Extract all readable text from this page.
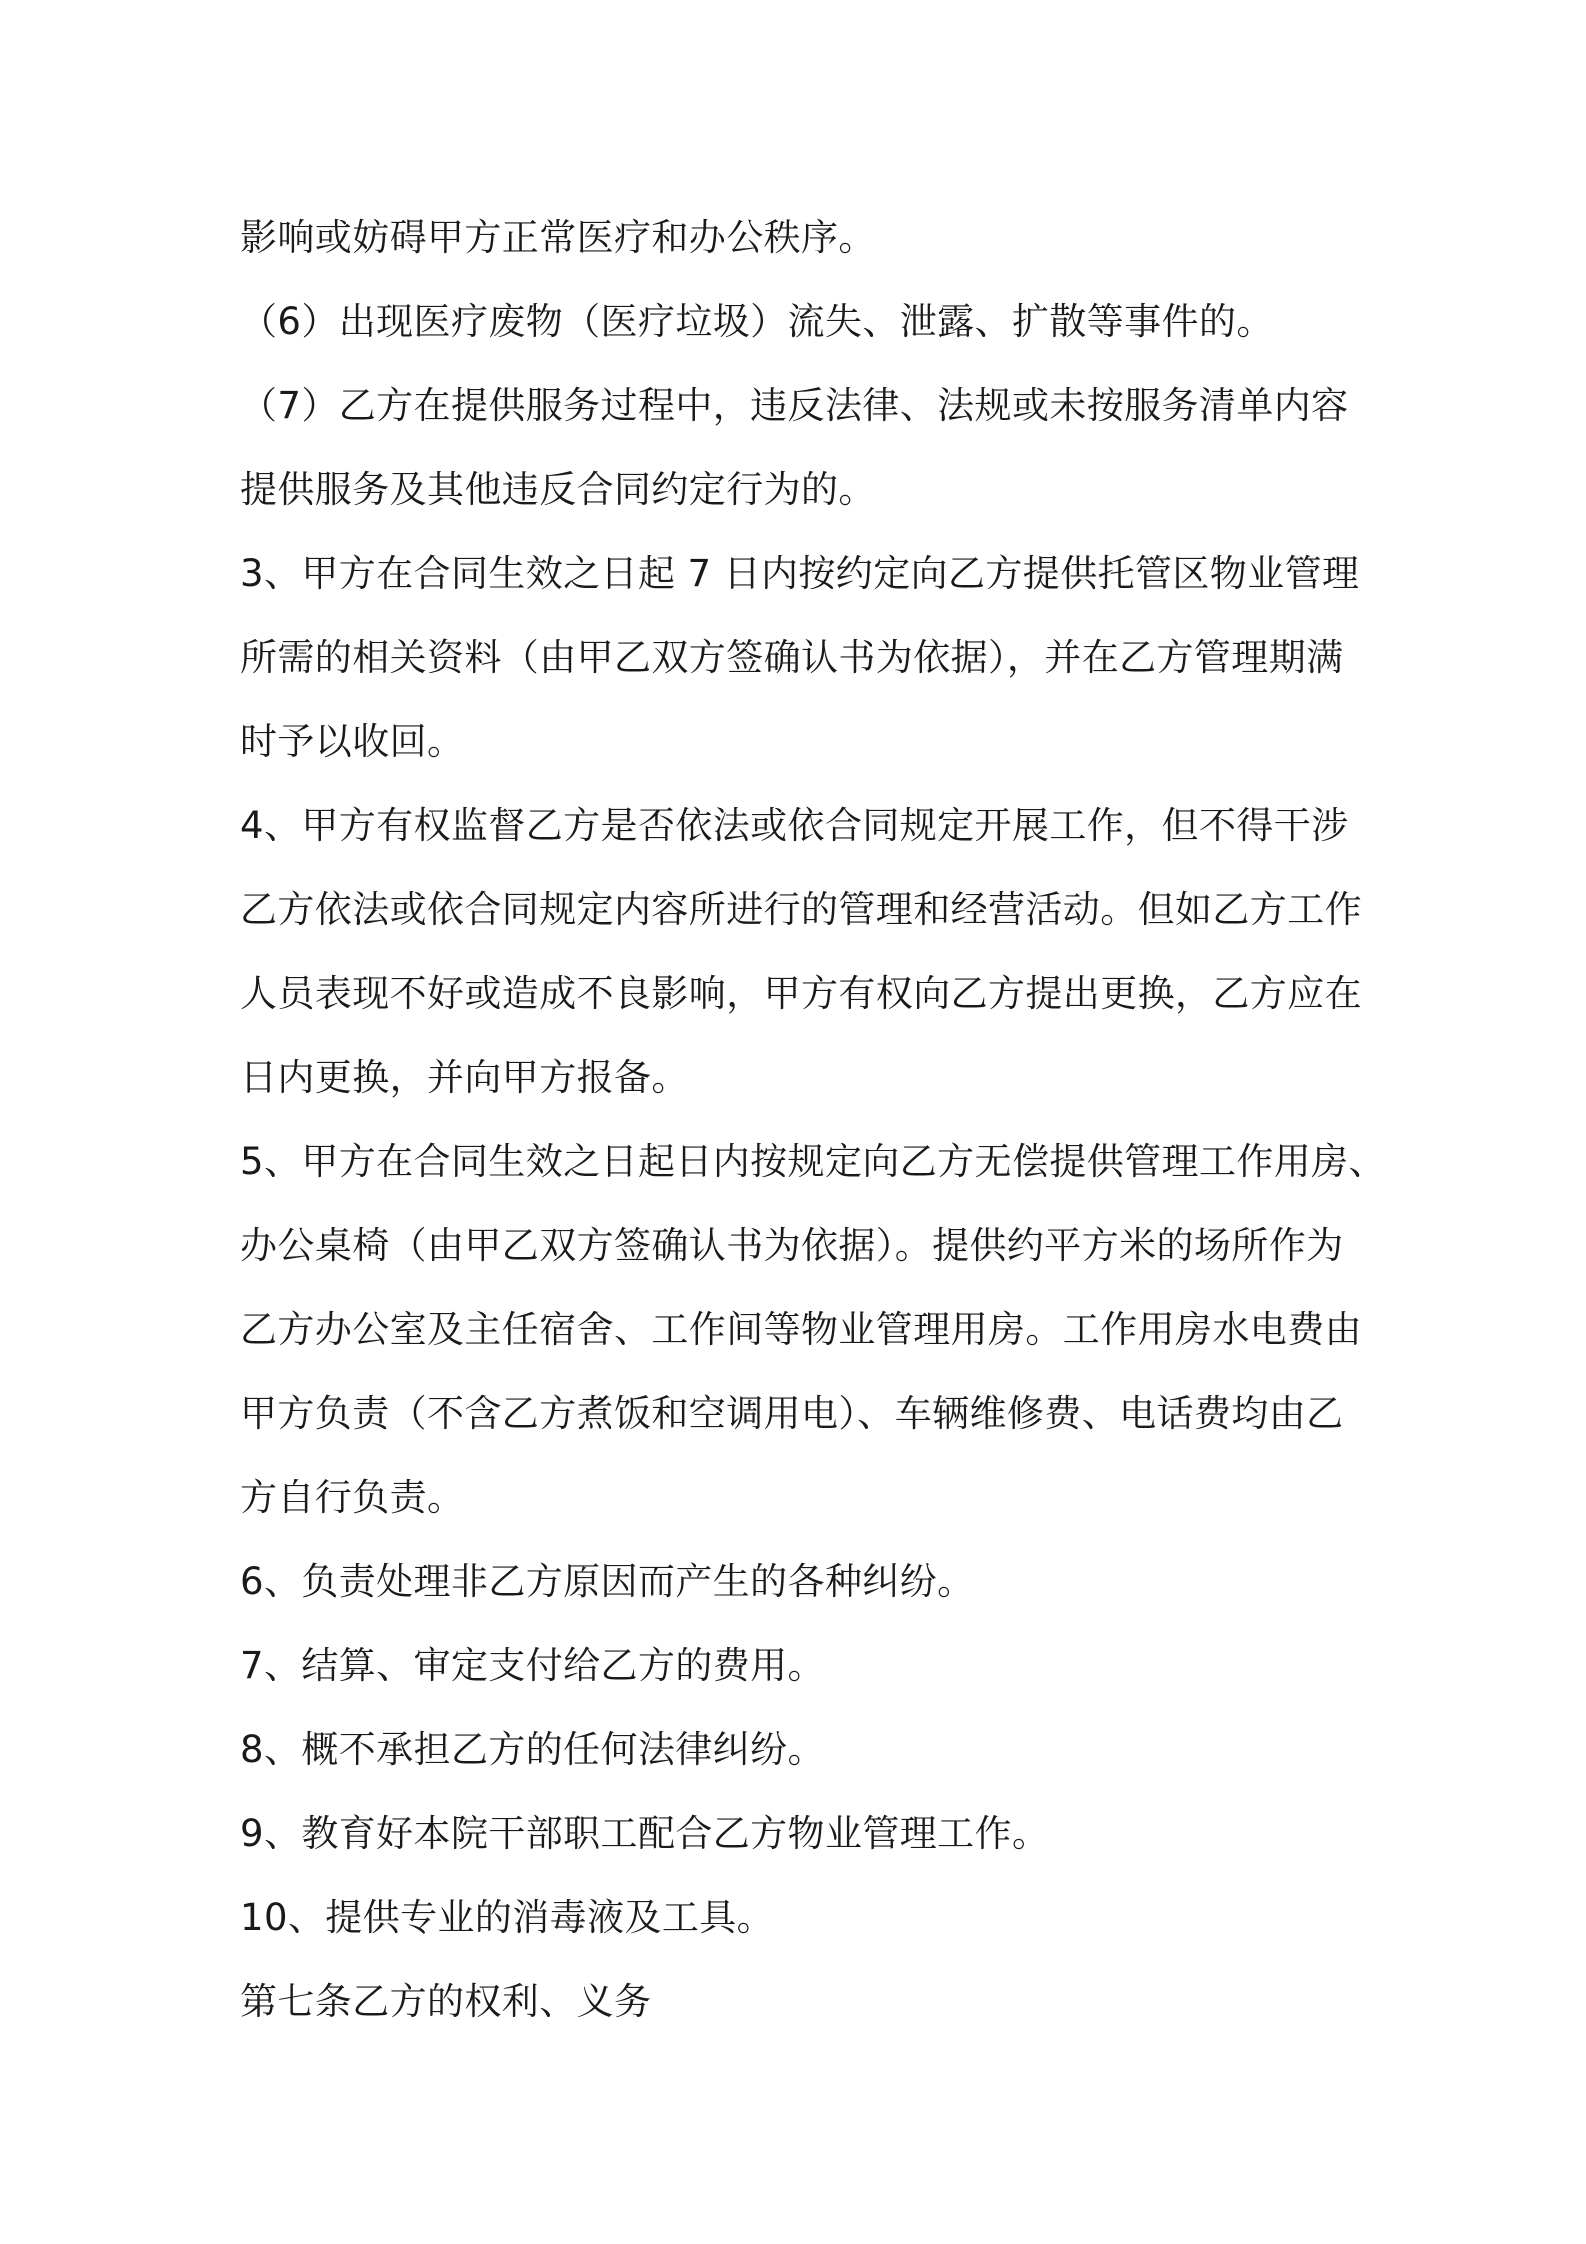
影响或妨碍甲方正常医疗和办公秩序。
（6）出现医疗废物（医疗垃圾）流失、泄露、扩散等事件的。
（7）乙方在提供服务过程中，违反法律、法规或未按服务清单内容
提供服务及其他违反合同约定行为的。
3、甲方在合同生效之日起 7 日内按约定向乙方提供托管区物业管理
所需的相关资料（由甲乙双方签确认书为依据），并在乙方管理期满
时予以收回。
4、甲方有权监督乙方是否依法或依合同规定开展工作，但不得干涉
乙方依法或依合同规定内容所进行的管理和经营活动。但如乙方工作
人员表现不好或造成不良影响，甲方有权向乙方提出更换，乙方应在
日内更换，并向甲方报备。
5、甲方在合同生效之日起日内按规定向乙方无偿提供管理工作用房、
办公桌椅（由甲乙双方签确认书为依据）。提供约平方米的场所作为
乙方办公室及主任宿舍、工作间等物业管理用房。工作用房水电费由
甲方负责（不含乙方煮饭和空调用电）、车辆维修费、电话费均由乙
方自行负责。
6、负责处理非乙方原因而产生的各种纠纷。
7、结算、审定支付给乙方的费用。
8、概不承担乙方的任何法律纠纷。
9、教育好本院干部职工配合乙方物业管理工作。
10、提供专业的消毒液及工具。
第七条乙方的权利、义务
